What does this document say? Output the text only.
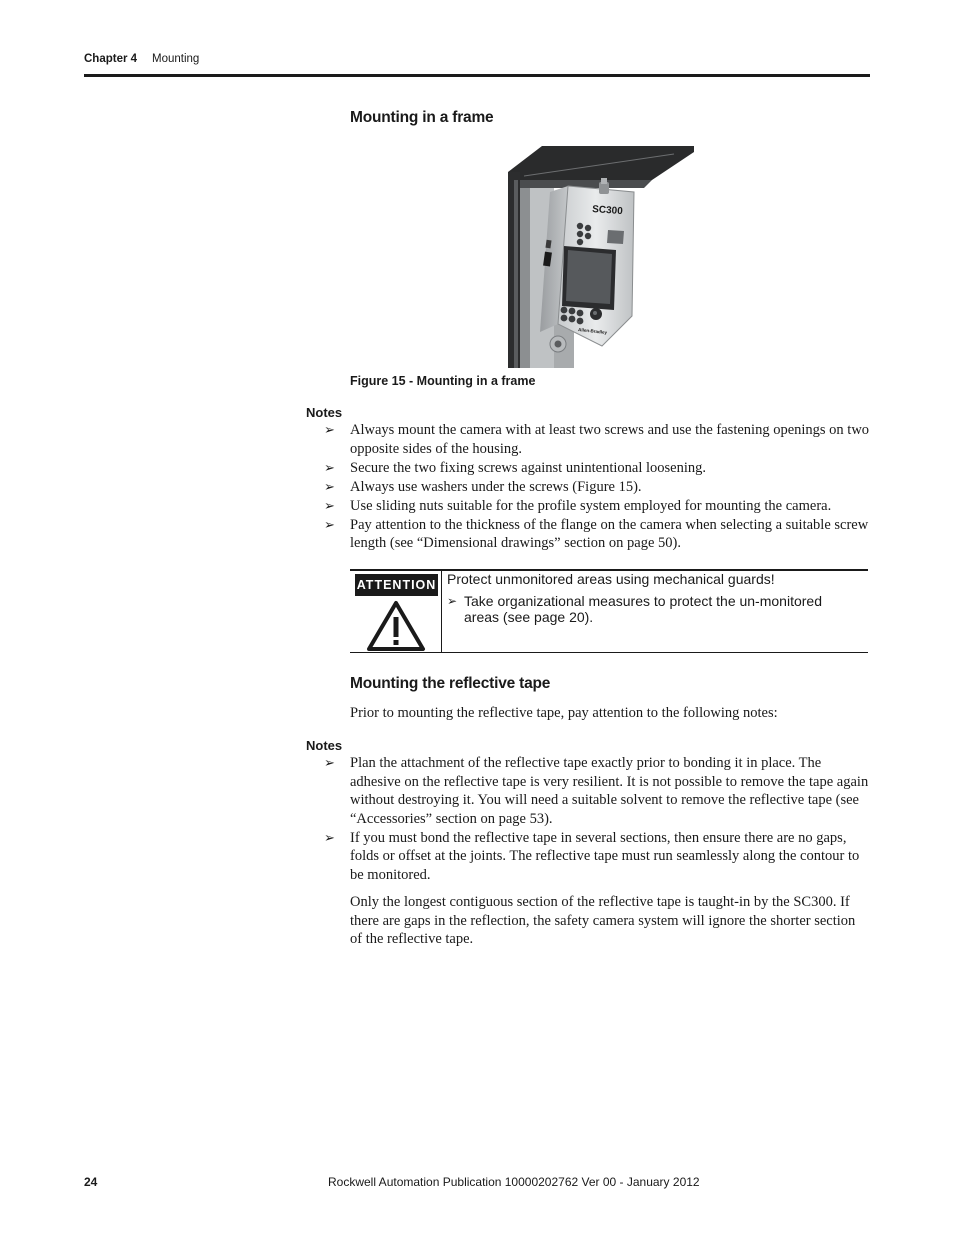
Chapter 4 Mounting
Mounting in a frame
SC300
Allen-Bradley
Figure 15 - Mounting in a frame
Notes
➢ Always mount the camera with at least two screws and use the fastening openings on two opposite sides of the housing.
➢ Secure the two fixing screws against unintentional loosening.
➢ Always use washers under the screws (Figure 15).
➢ Use sliding nuts suitable for the profile system employed for mounting the camera.
➢ Pay attention to the thickness of the flange on the camera when selecting a suitable screw length (see “Dimensional drawings” section on page 50).
ATTENTION Protect unmonitored areas using mechanical guards!
➢ Take organizational measures to protect the un-monitored areas (see page 20).
Mounting the reflective tape

Prior to mounting the reflective tape, pay attention to the following notes:

Notes
➢ Plan the attachment of the reflective tape exactly prior to bonding it in place. The adhesive on the reflective tape is very resilient. It is not possible to remove the tape again without destroying it. You will need a suitable solvent to remove the reflective tape (see “Accessories” section on page 53).
➢ If you must bond the reflective tape in several sections, then ensure there are no gaps, folds or offset at the joints. The reflective tape must run seamlessly along the contour to be monitored.

Only the longest contiguous section of the reflective tape is taught-in by the SC300. If there are gaps in the reflection, the safety camera system will ignore the shorter section of the reflective tape.

24	Rockwell Automation Publication 10000202762 Ver 00 - January 2012
